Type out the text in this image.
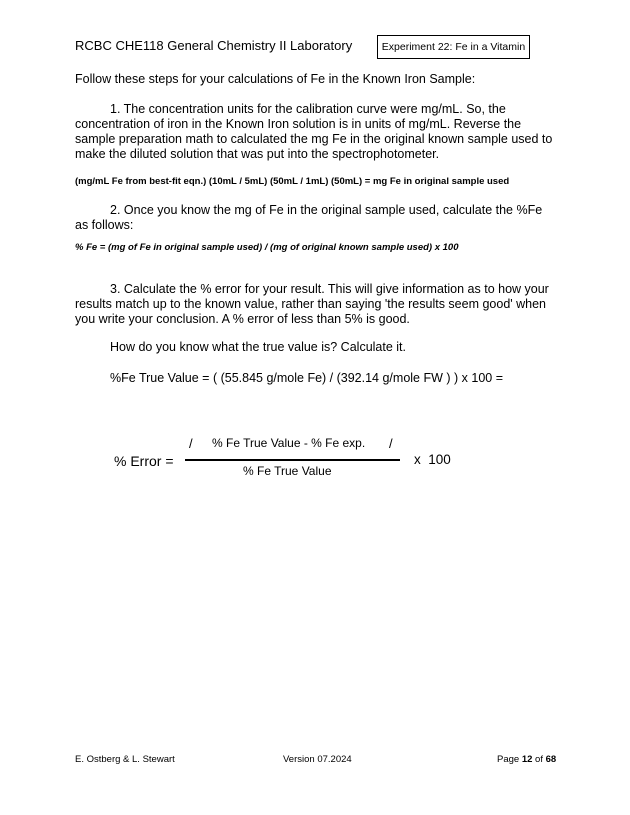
RCBC CHE118 General Chemistry II Laboratory	Experiment 22: Fe in a Vitamin
Follow these steps for your calculations of Fe in the Known Iron Sample:
1. The concentration units for the calibration curve were mg/mL. So, the concentration of iron in the Known Iron solution is in units of mg/mL. Reverse the sample preparation math to calculated the mg Fe in the original known sample used to make the diluted solution that was put into the spectrophotometer.
(mg/mL Fe from best-fit eqn.) (10mL / 5mL) (50mL / 1mL) (50mL) = mg Fe in original sample used
2. Once you know the mg of Fe in the original sample used, calculate the %Fe as follows:
% Fe = (mg of Fe in original sample used) / (mg of original known sample used) x 100
3. Calculate the % error for your result. This will give information as to how your results match up to the known value, rather than saying 'the results seem good' when you write your conclusion. A % error of less than 5% is good.
How do you know what the true value is? Calculate it.
%Fe True Value = ( (55.845 g/mole Fe) / (392.14 g/mole FW ) ) x 100 =
% Error =
/ % Fe True Value - % Fe exp. /
% Fe True Value
x  100
E. Ostberg & L. Stewart	Version 07.2024	Page 12 of 68
